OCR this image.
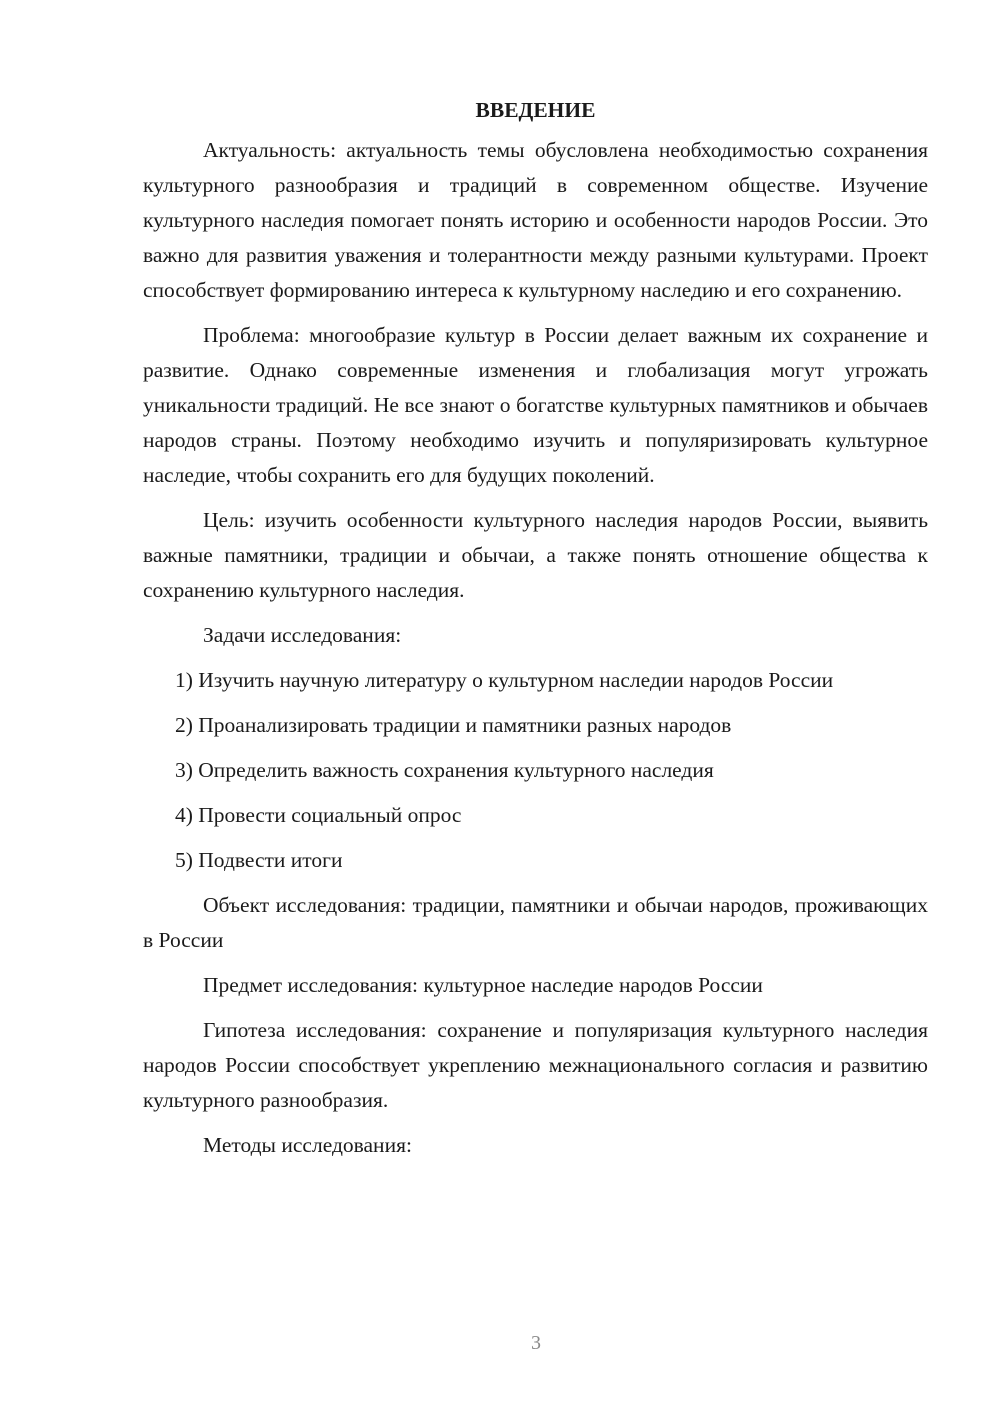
ВВЕДЕНИЕ

Актуальность: актуальность темы обусловлена необходимостью сохранения культурного разнообразия и традиций в современном обществе. Изучение культурного наследия помогает понять историю и особенности народов России. Это важно для развития уважения и толерантности между разными культурами. Проект способствует формированию интереса к культурному наследию и его сохранению.

Проблема: многообразие культур в России делает важным их сохранение и развитие. Однако современные изменения и глобализация могут угрожать уникальности традиций. Не все знают о богатстве культурных памятников и обычаев народов страны. Поэтому необходимо изучить и популяризировать культурное наследие, чтобы сохранить его для будущих поколений.

Цель: изучить особенности культурного наследия народов России, выявить важные памятники, традиции и обычаи, а также понять отношение общества к сохранению культурного наследия.

Задачи исследования:

1) Изучить научную литературу о культурном наследии народов России

2) Проанализировать традиции и памятники разных народов

3) Определить важность сохранения культурного наследия

4) Провести социальный опрос

5) Подвести итоги

Объект исследования: традиции, памятники и обычаи народов, проживающих в России

Предмет исследования: культурное наследие народов России

Гипотеза исследования: сохранение и популяризация культурного наследия народов России способствует укреплению межнационального согласия и развитию культурного разнообразия.

Методы исследования:

3
